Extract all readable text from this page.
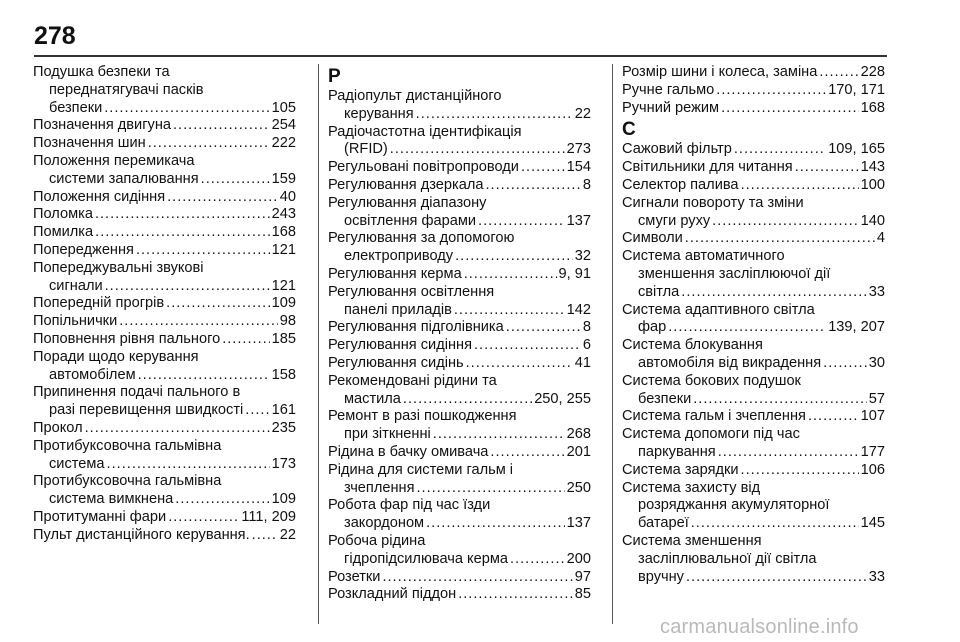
278
Подушка безпеки та
переднатягувачі пасків
безпеки .....	105
Позначення двигуна .....	254
Позначення шин .....	222
Положення перемикача
системи запалювання .....	159
Положення сидіння .....	40
Поломка .....	243
Помилка .....	168
Попередження .....	121
Попереджувальні звукові
сигнали .....	121
Попередній прогрів .....	109
Попільнички .....	98
Поповнення рівня пального .....	185
Поради щодо керування
автомобілем .....	158
Припинення подачі пального в
разі перевищення швидкості ..... 161
Прокол .....	235
Протибуксовочна гальмівна
система .....	173
Протибуксовочна гальмівна
система вимкнена .....	109
Протитуманні фари .....	111, 209
Пульт дистанційного керування. ..... 22
Р
Радіопульт дистанційного
керування .....	22
Радіочастотна ідентифікація
(RFID) .....	273
Регульовані повітропроводи .....	154
Регулювання дзеркала .....	8
Регулювання діапазону
освітлення фарами .....	137
Регулювання за допомогою
електроприводу .....	32
Регулювання керма .....	9, 91
Регулювання освітлення
панелі приладів .....	142
Регулювання підголівника .....	8
Регулювання сидіння .....	6
Регулювання сидінь .....	41
Рекомендовані рідини та
мастила .....	250, 255
Ремонт в разі пошкодження
при зіткненні .....	268
Рідина в бачку омивача .....	201
Рідина для системи гальм і
зчеплення .....	250
Робота фар під час їзди
закордоном .....	137
Робоча рідина
гідропідсилювача керма .....	200
Розетки .....	97
Розкладний піддон .....	85
Розмір шини і колеса, заміна .....	228
Ручне гальмо .....	170, 171
Ручний режим .....	168
С
Сажовий фільтр .....	109, 165
Світильники для читання .....	143
Селектор палива .....	100
Сигнали повороту та зміни
смуги руху .....	140
Символи .....	4
Система автоматичного
зменшення засліплюючої дії
світла .....	33
Система адаптивного світла
фар .....	139, 207
Система блокування
автомобіля від викрадення .....	30
Система бокових подушок
безпеки .....	57
Система гальм і зчеплення .....	107
Система допомоги під час
паркування .....	177
Система зарядки .....	106
Система захисту від
розряджання акумуляторної
батареї .....	145
Система зменшення
засліплювальної дії світла
вручну .....	33
carmanualsonline.info
